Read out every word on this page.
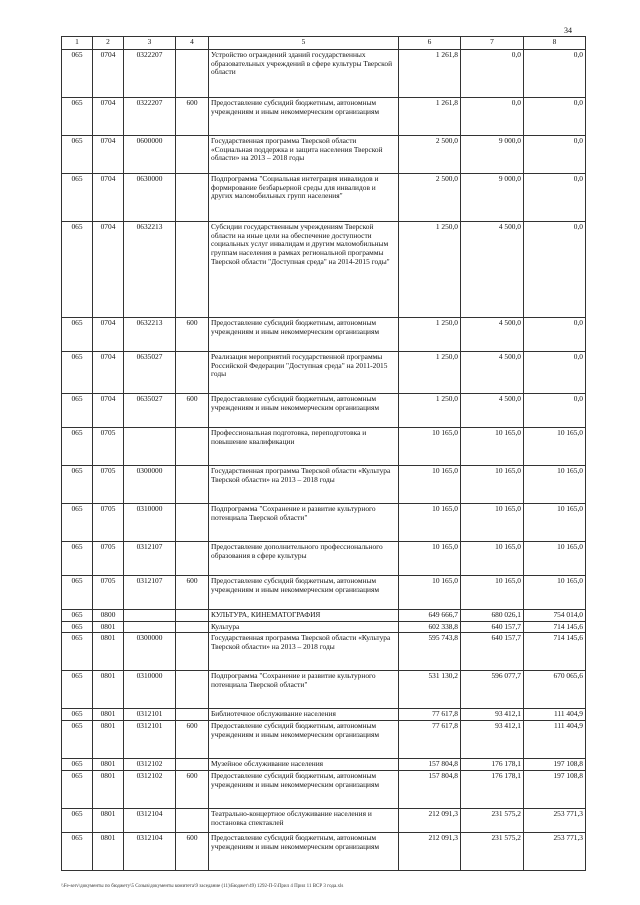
34
1	2	3	4	5	6	7	8
065	0704	0322207		Устройство ограждений зданий государственных образовательных учреждений в сфере культуры Тверской области	1 261,8	0,0	0,0
065	0704	0322207	600	Предоставление субсидий бюджетным, автономным учреждениям и иным некоммерческим организациям	1 261,8	0,0	0,0
065	0704	0600000		Государственная программа Тверской области «Социальная поддержка и защита населения Тверской области» на 2013 – 2018 годы	2 500,0	9 000,0	0,0
065	0704	0630000		Подпрограмма "Социальная интеграция инвалидов и формирование безбарьерной среды для инвалидов и других маломобильных групп населения"	2 500,0	9 000,0	0,0
065	0704	0632213		Субсидии государственным учреждениям Тверской области на иные цели на обеспечение доступности социальных услуг инвалидам и другим маломобильным группам населения в рамках региональной программы Тверской области "Доступная среда" на 2014-2015 годы"	1 250,0	4 500,0	0,0
065	0704	0632213	600	Предоставление субсидий бюджетным, автономным учреждениям и иным некоммерческим организациям	1 250,0	4 500,0	0,0
065	0704	0635027		Реализация мероприятий государственной программы Российской Федерации "Доступная среда" на 2011-2015 годы	1 250,0	4 500,0	0,0
065	0704	0635027	600	Предоставление субсидий бюджетным, автономным учреждениям и иным некоммерческим организациям	1 250,0	4 500,0	0,0
065	0705			Профессиональная подготовка, переподготовка и повышение квалификации	10 165,0	10 165,0	10 165,0
065	0705	0300000		Государственная программа Тверской области «Культура Тверской области» на 2013 – 2018 годы	10 165,0	10 165,0	10 165,0
065	0705	0310000		Подпрограмма "Сохранение и развитие культурного потенциала Тверской области"	10 165,0	10 165,0	10 165,0
065	0705	0312107		Предоставление дополнительного профессионального образования в сфере культуры	10 165,0	10 165,0	10 165,0
065	0705	0312107	600	Предоставление субсидий бюджетным, автономным учреждениям и иным некоммерческим организациям	10 165,0	10 165,0	10 165,0
065	0800			КУЛЬТУРА, КИНЕМАТОГРАФИЯ	649 666,7	680 026,1	754 014,0
065	0801			Культура	602 338,8	640 157,7	714 145,6
065	0801	0300000		Государственная программа Тверской области «Культура Тверской области» на 2013 – 2018 годы	595 743,8	640 157,7	714 145,6
065	0801	0310000		Подпрограмма "Сохранение и развитие культурного потенциала Тверской области"	531 130,2	596 077,7	670 065,6
065	0801	0312101		Библиотечное обслуживание населения	77 617,8	93 412,1	111 404,9
065	0801	0312101	600	Предоставление субсидий бюджетным, автономным учреждениям и иным некоммерческим организациям	77 617,8	93 412,1	111 404,9
065	0801	0312102		Музейное обслуживание населения	157 804,8	176 178,1	197 108,8
065	0801	0312102	600	Предоставление субсидий бюджетным, автономным учреждениям и иным некоммерческим организациям	157 804,8	176 178,1	197 108,8
065	0801	0312104		Театрально-концертное обслуживание населения и постановка спектаклей	212 091,3	231 575,2	253 771,3
065	0801	0312104	600	Предоставление субсидий бюджетным, автономным учреждениям и иным некоммерческим организациям	212 091,3	231 575,2	253 771,3
\\Fe-serv\документы по бюджету\5 Созыв\документы комитета\9 заседание (11)\Бюджет\49) 1292-П-5\Прил 4 Прил 11 ВСР 3 года.xls
